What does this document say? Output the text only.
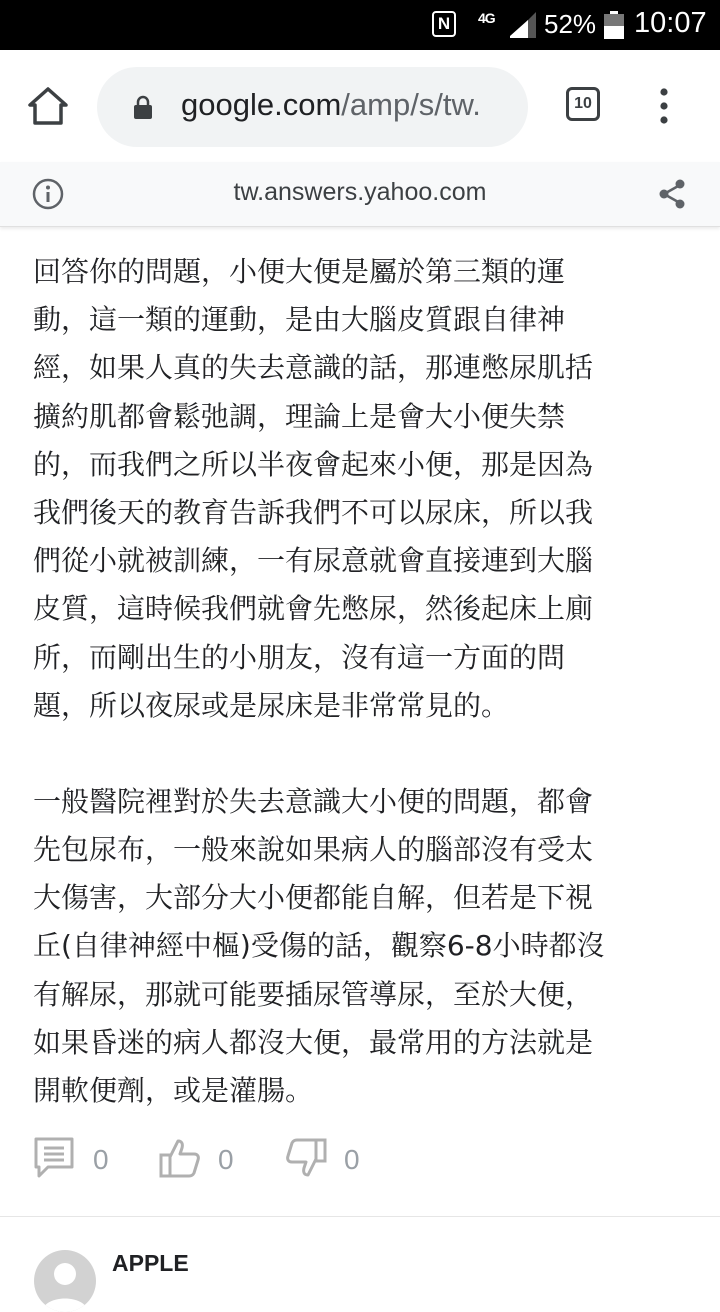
N	4G 52% 10:07
google.com/amp/s/tw.	10
tw.answers.yahoo.com
回答你的問題，小便大便是屬於第三類的運
動，這一類的運動，是由大腦皮質跟自律神
經，如果人真的失去意識的話，那連憋尿肌括
擴約肌都會鬆弛調，理論上是會大小便失禁
的，而我們之所以半夜會起來小便，那是因為
我們後天的教育告訴我們不可以尿床，所以我
們從小就被訓練，一有尿意就會直接連到大腦
皮質，這時候我們就會先憋尿，然後起床上廁
所，而剛出生的小朋友，沒有這一方面的問
題，所以夜尿或是尿床是非常常見的。
一般醫院裡對於失去意識大小便的問題，都會
先包尿布，一般來說如果病人的腦部沒有受太
大傷害，大部分大小便都能自解，但若是下視
丘(自律神經中樞)受傷的話，觀察6-8小時都沒
有解尿，那就可能要插尿管導尿，至於大便，
如果昏迷的病人都沒大便，最常用的方法就是
開軟便劑，或是灌腸。
0	0	0
APPLE
